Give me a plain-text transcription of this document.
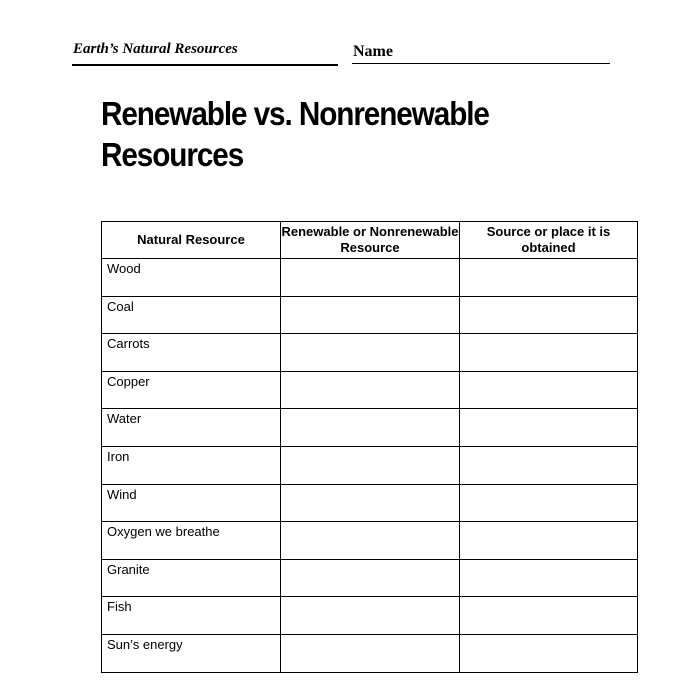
Earth’s Natural Resources	Name
Renewable vs. Nonrenewable
Resources
Natural Resource	Renewable or Nonrenewable Resource	Source or place it is obtained
Wood		
Coal		
Carrots		
Copper		
Water		
Iron		
Wind		
Oxygen we breathe		
Granite		
Fish		
Sun’s energy		
